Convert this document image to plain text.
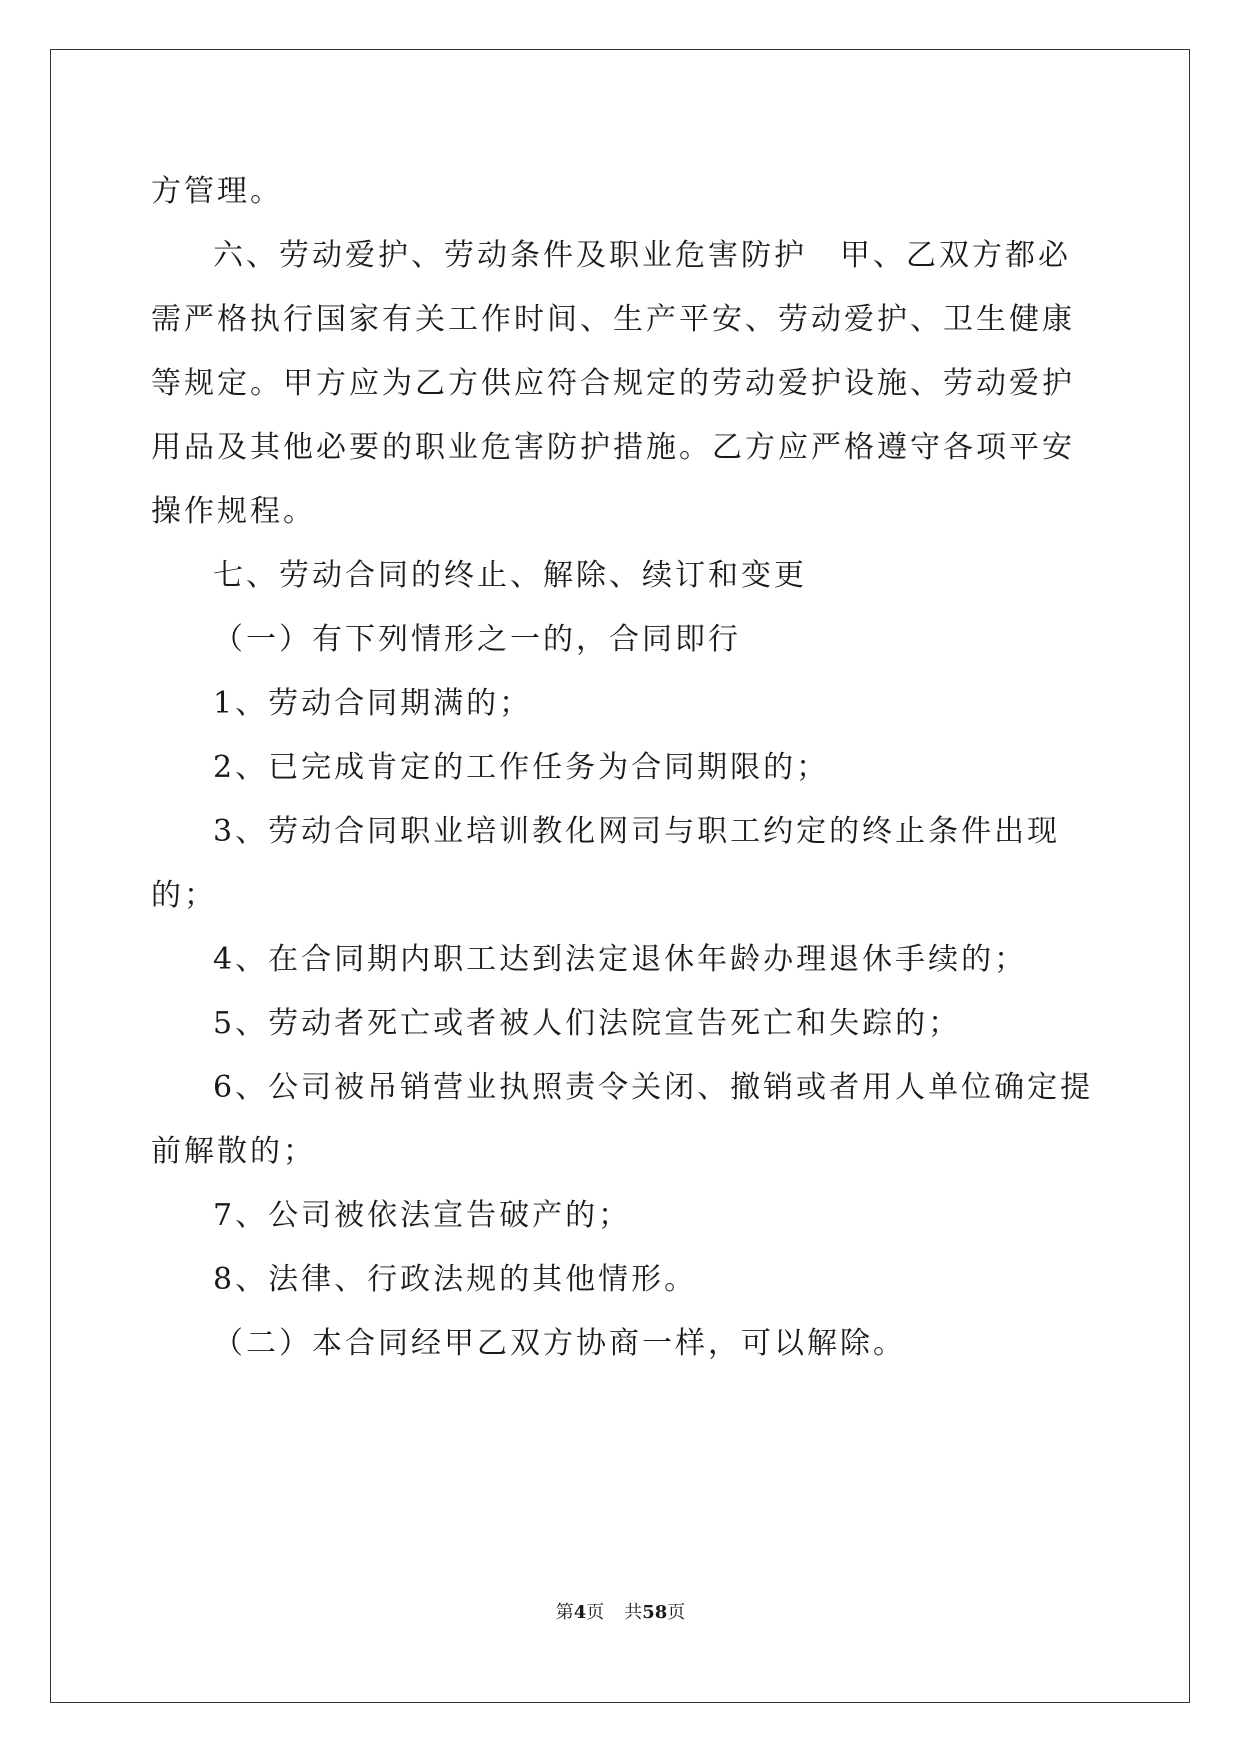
方管理。

六、劳动爱护、劳动条件及职业危害防护　甲、乙双方都必需严格执行国家有关工作时间、生产平安、劳动爱护、卫生健康等规定。甲方应为乙方供应符合规定的劳动爱护设施、劳动爱护用品及其他必要的职业危害防护措施。乙方应严格遵守各项平安操作规程。

七、劳动合同的终止、解除、续订和变更

（一）有下列情形之一的，合同即行

1、劳动合同期满的；

2、已完成肯定的工作任务为合同期限的；

3、劳动合同职业培训教化网司与职工约定的终止条件出现的；

4、在合同期内职工达到法定退休年龄办理退休手续的；

5、劳动者死亡或者被人们法院宣告死亡和失踪的；

6、公司被吊销营业执照责令关闭、撤销或者用人单位确定提前解散的；

7、公司被依法宣告破产的；

8、法律、行政法规的其他情形。

（二）本合同经甲乙双方协商一样，可以解除。

第4页 共58页
